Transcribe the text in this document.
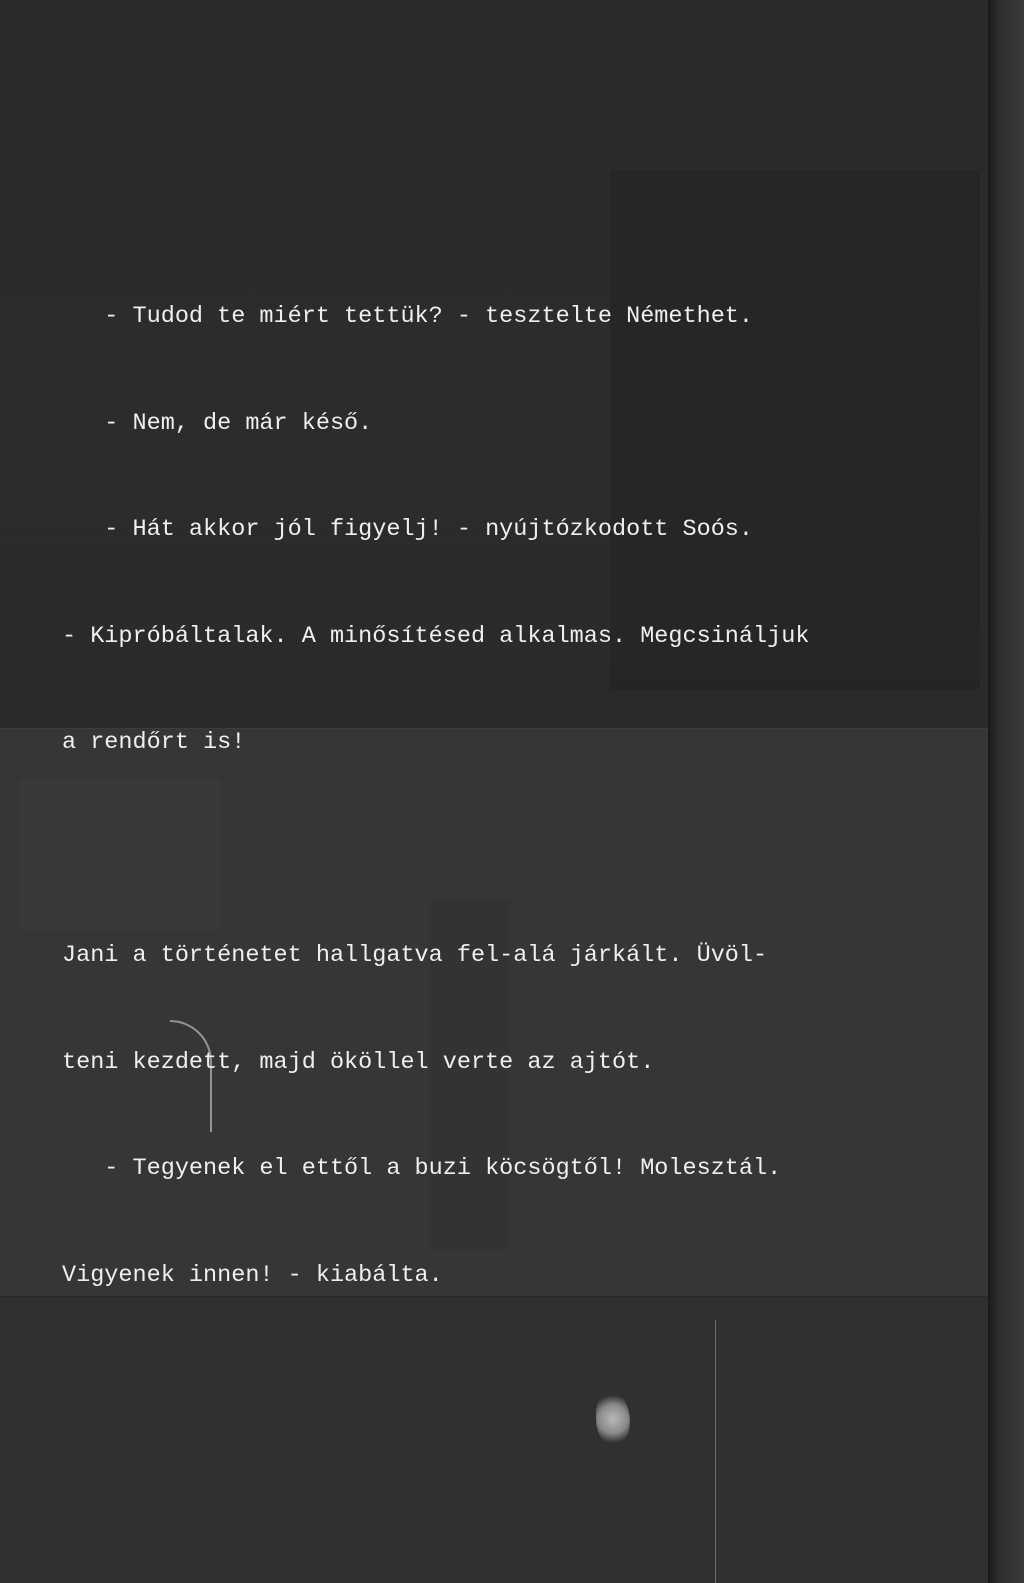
- Tudod te miért tettük? - tesztelte Némethet.

- Nem, de már késő.

- Hát akkor jól figyelj! - nyújtózkodott Soós.

- Kipróbáltalak. A minősítésed alkalmas. Megcsináljuk

a rendőrt is!

Jani a történetet hallgatva fel-alá járkált. Üvöl-

teni kezdett, majd ököllel verte az ajtót.

- Tegyenek el ettől a buzi köcsögtől! Molesztál.

Vigyenek innen! - kiabálta.
